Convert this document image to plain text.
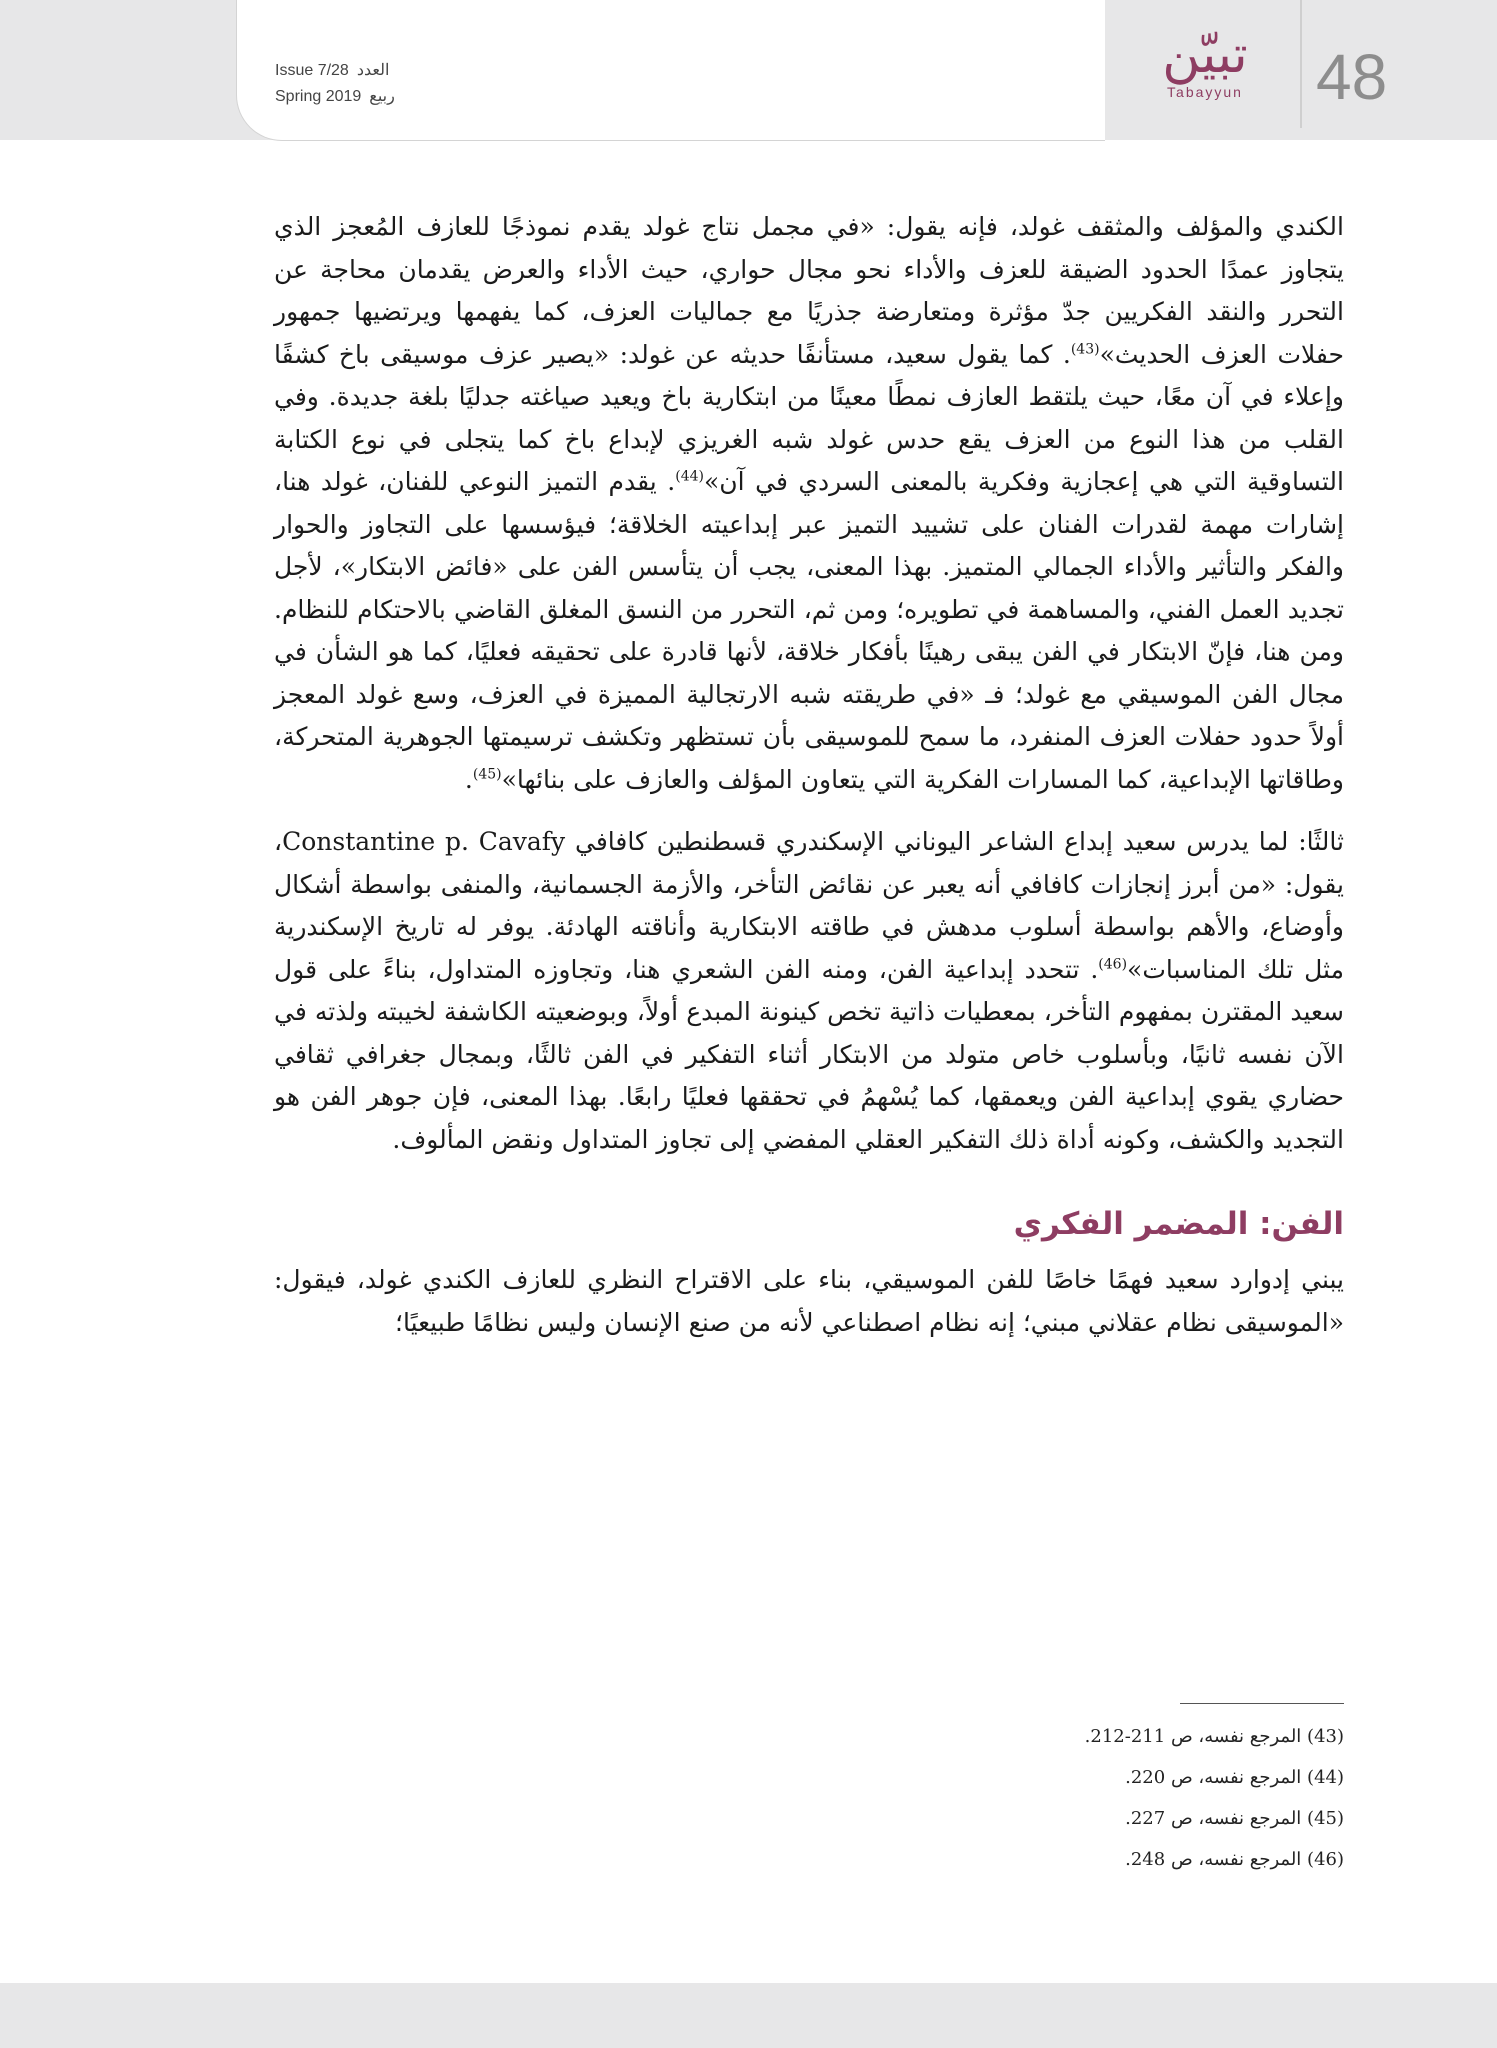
Issue 7/28 العدد
Spring 2019 ربيع
تبيّن
Tabayyun	48

الكندي والمؤلف والمثقف غولد، فإنه يقول: «في مجمل نتاج غولد يقدم نموذجًا للعازف المُعجز الذي يتجاوز عمدًا الحدود الضيقة للعزف والأداء نحو مجال حواري، حيث الأداء والعرض يقدمان محاجة عن التحرر والنقد الفكريين جدّ مؤثرة ومتعارضة جذريًا مع جماليات العزف، كما يفهمها ويرتضيها جمهور حفلات العزف الحديث»$^{(43)}$. كما يقول سعيد، مستأنفًا حديثه عن غولد: «يصير عزف موسيقى باخ كشفًا وإعلاء في آن معًا، حيث يلتقط العازف نمطًا معينًا من ابتكارية باخ ويعيد صياغته جدليًا بلغة جديدة. وفي القلب من هذا النوع من العزف يقع حدس غولد شبه الغريزي لإبداع باخ كما يتجلى في نوع الكتابة التساوقية التي هي إعجازية وفكرية بالمعنى السردي في آن»$^{(44)}$. يقدم التميز النوعي للفنان، غولد هنا، إشارات مهمة لقدرات الفنان على تشييد التميز عبر إبداعيته الخلاقة؛ فيؤسسها على التجاوز والحوار والفكر والتأثير والأداء الجمالي المتميز. بهذا المعنى، يجب أن يتأسس الفن على «فائض الابتكار»، لأجل تجديد العمل الفني، والمساهمة في تطويره؛ ومن ثم، التحرر من النسق المغلق القاضي بالاحتكام للنظام. ومن هنا، فإنّ الابتكار في الفن يبقى رهينًا بأفكار خلاقة، لأنها قادرة على تحقيقه فعليًا، كما هو الشأن في مجال الفن الموسيقي مع غولد؛ فـ «في طريقته شبه الارتجالية المميزة في العزف، وسع غولد المعجز أولاً حدود حفلات العزف المنفرد، ما سمح للموسيقى بأن تستظهر وتكشف ترسيمتها الجوهرية المتحركة، وطاقاتها الإبداعية، كما المسارات الفكرية التي يتعاون المؤلف والعازف على بنائها»$^{(45)}$.

ثالثًا: لما يدرس سعيد إبداع الشاعر اليوناني الإسكندري قسطنطين كافافي Constantine p. Cavafy، يقول: «من أبرز إنجازات كافافي أنه يعبر عن نقائض التأخر، والأزمة الجسمانية، والمنفى بواسطة أشكال وأوضاع، والأهم بواسطة أسلوب مدهش في طاقته الابتكارية وأناقته الهادئة. يوفر له تاريخ الإسكندرية مثل تلك المناسبات»$^{(46)}$. تتحدد إبداعية الفن، ومنه الفن الشعري هنا، وتجاوزه المتداول، بناءً على قول سعيد المقترن بمفهوم التأخر، بمعطيات ذاتية تخص كينونة المبدع أولاً، وبوضعيته الكاشفة لخيبته ولذته في الآن نفسه ثانيًا، وبأسلوب خاص متولد من الابتكار أثناء التفكير في الفن ثالثًا، وبمجال جغرافي ثقافي حضاري يقوي إبداعية الفن ويعمقها، كما يُسْهمُ في تحققها فعليًا رابعًا. بهذا المعنى، فإن جوهر الفن هو التجديد والكشف، وكونه أداة ذلك التفكير العقلي المفضي إلى تجاوز المتداول ونقض المألوف.

الفن: المضمر الفكري

يبني إدوارد سعيد فهمًا خاصًا للفن الموسيقي، بناء على الاقتراح النظري للعازف الكندي غولد، فيقول: «الموسيقى نظام عقلاني مبني؛ إنه نظام اصطناعي لأنه من صنع الإنسان وليس نظامًا طبيعيًا؛

(43) المرجع نفسه، ص 211-212.
(44) المرجع نفسه، ص 220.
(45) المرجع نفسه، ص 227.
(46) المرجع نفسه، ص 248.
